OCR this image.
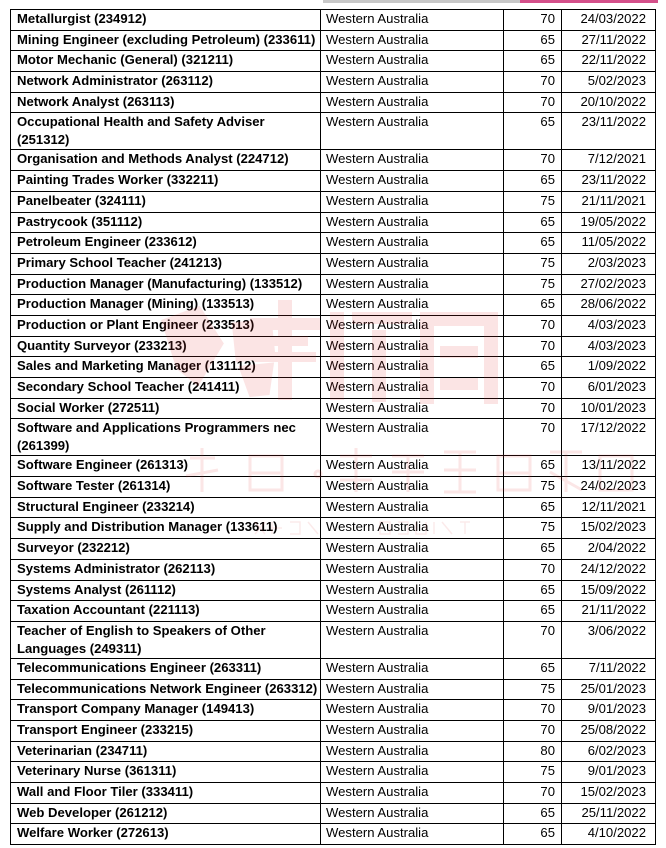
Metallurgist (234912)	Western Australia	70	24/03/2022
Mining Engineer (excluding Petroleum) (233611)	Western Australia	65	27/11/2022
Motor Mechanic (General) (321211)	Western Australia	65	22/11/2022
Network Administrator (263112)	Western Australia	70	5/02/2023
Network Analyst (263113)	Western Australia	70	20/10/2022
Occupational Health and Safety Adviser (251312)	Western Australia	65	23/11/2022
Organisation and Methods Analyst (224712)	Western Australia	70	7/12/2021
Painting Trades Worker (332211)	Western Australia	65	23/11/2022
Panelbeater (324111)	Western Australia	75	21/11/2021
Pastrycook (351112)	Western Australia	65	19/05/2022
Petroleum Engineer (233612)	Western Australia	65	11/05/2022
Primary School Teacher (241213)	Western Australia	75	2/03/2023
Production Manager (Manufacturing) (133512)	Western Australia	75	27/02/2023
Production Manager (Mining) (133513)	Western Australia	65	28/06/2022
Production or Plant Engineer (233513)	Western Australia	70	4/03/2023
Quantity Surveyor (233213)	Western Australia	70	4/03/2023
Sales and Marketing Manager (131112)	Western Australia	65	1/09/2022
Secondary School Teacher (241411)	Western Australia	70	6/01/2023
Social Worker (272511)	Western Australia	70	10/01/2023
Software and Applications Programmers nec (261399)	Western Australia	70	17/12/2022
Software Engineer (261313)	Western Australia	65	13/11/2022
Software Tester (261314)	Western Australia	75	24/02/2023
Structural Engineer (233214)	Western Australia	65	12/11/2021
Supply and Distribution Manager (133611)	Western Australia	75	15/02/2023
Surveyor (232212)	Western Australia	65	2/04/2022
Systems Administrator (262113)	Western Australia	70	24/12/2022
Systems Analyst (261112)	Western Australia	65	15/09/2022
Taxation Accountant (221113)	Western Australia	65	21/11/2022
Teacher of English to Speakers of Other Languages (249311)	Western Australia	70	3/06/2022
Telecommunications Engineer (263311)	Western Australia	65	7/11/2022
Telecommunications Network Engineer (263312)	Western Australia	75	25/01/2023
Transport Company Manager (149413)	Western Australia	70	9/01/2023
Transport Engineer (233215)	Western Australia	70	25/08/2022
Veterinarian (234711)	Western Australia	80	6/02/2023
Veterinary Nurse (361311)	Western Australia	75	9/01/2023
Wall and Floor Tiler (333411)	Western Australia	70	15/02/2023
Web Developer (261212)	Western Australia	65	25/11/2022
Welfare Worker (272613)	Western Australia	65	4/10/2022
